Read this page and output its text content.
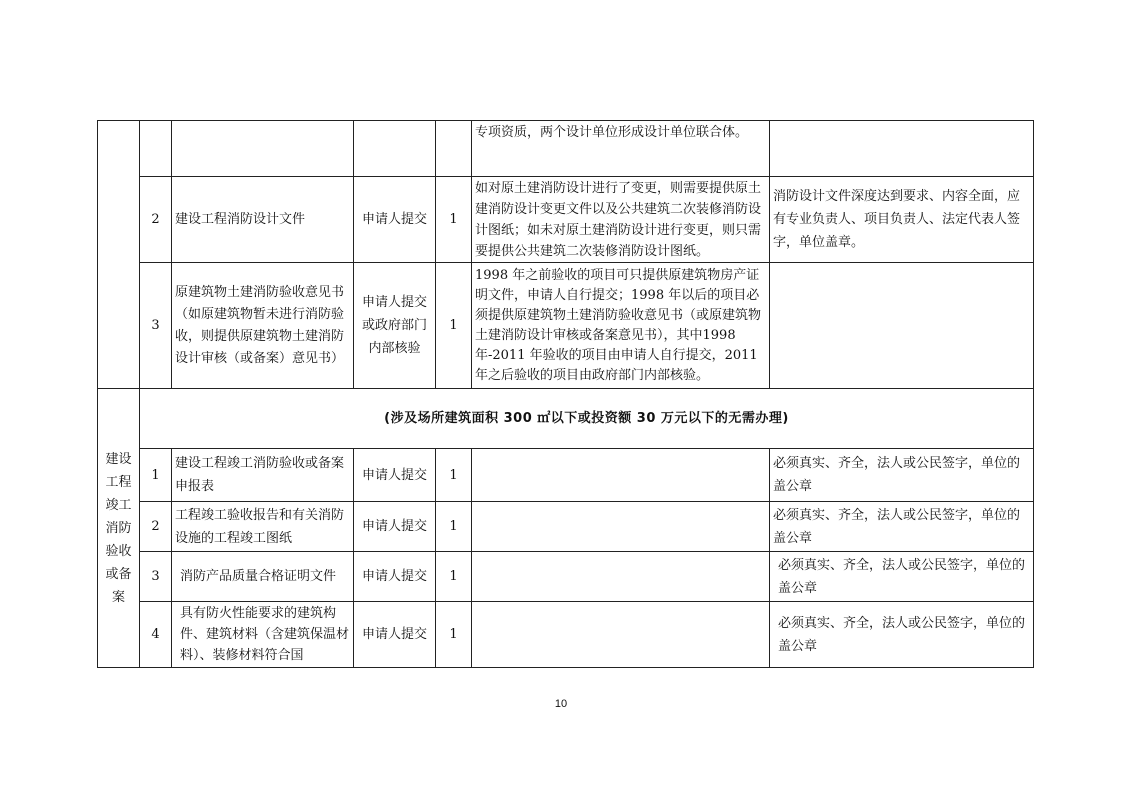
					专项资质，两个设计单位形成设计单位联合体。	
	2	建设工程消防设计文件	申请人提交	1	如对原土建消防设计进行了变更，则需要提供原土建消防设计变更文件以及公共建筑二次装修消防设计图纸；如未对原土建消防设计进行变更，则只需要提供公共建筑二次装修消防设计图纸。	消防设计文件深度达到要求、内容全面，应有专业负责人、项目负责人、法定代表人签字，单位盖章。
	3	原建筑物土建消防验收意见书（如原建筑物暂未进行消防验收，则提供原建筑物土建消防设计审核（或备案）意见书）	申请人提交或政府部门内部核验	1	1998 年之前验收的项目可只提供原建筑物房产证明文件，申请人自行提交；1998 年以后的项目必须提供原建筑物土建消防验收意见书（或原建筑物土建消防设计审核或备案意见书），其中1998 年-2011 年验收的项目由申请人自行提交，2011 年之后验收的项目由政府部门内部核验。	
建设工程竣工消防验收或备案	(涉及场所建筑面积 300 ㎡以下或投资额 30 万元以下的无需办理)					
	1	建设工程竣工消防验收或备案申报表	申请人提交	1		必须真实、齐全，法人或公民签字，单位的盖公章
	2	工程竣工验收报告和有关消防设施的工程竣工图纸	申请人提交	1		必须真实、齐全，法人或公民签字，单位的盖公章
	3	消防产品质量合格证明文件	申请人提交	1		必须真实、齐全，法人或公民签字，单位的盖公章
	4	具有防火性能要求的建筑构件、建筑材料（含建筑保温材料）、装修材料符合国	申请人提交	1		必须真实、齐全，法人或公民签字，单位的盖公章
10
